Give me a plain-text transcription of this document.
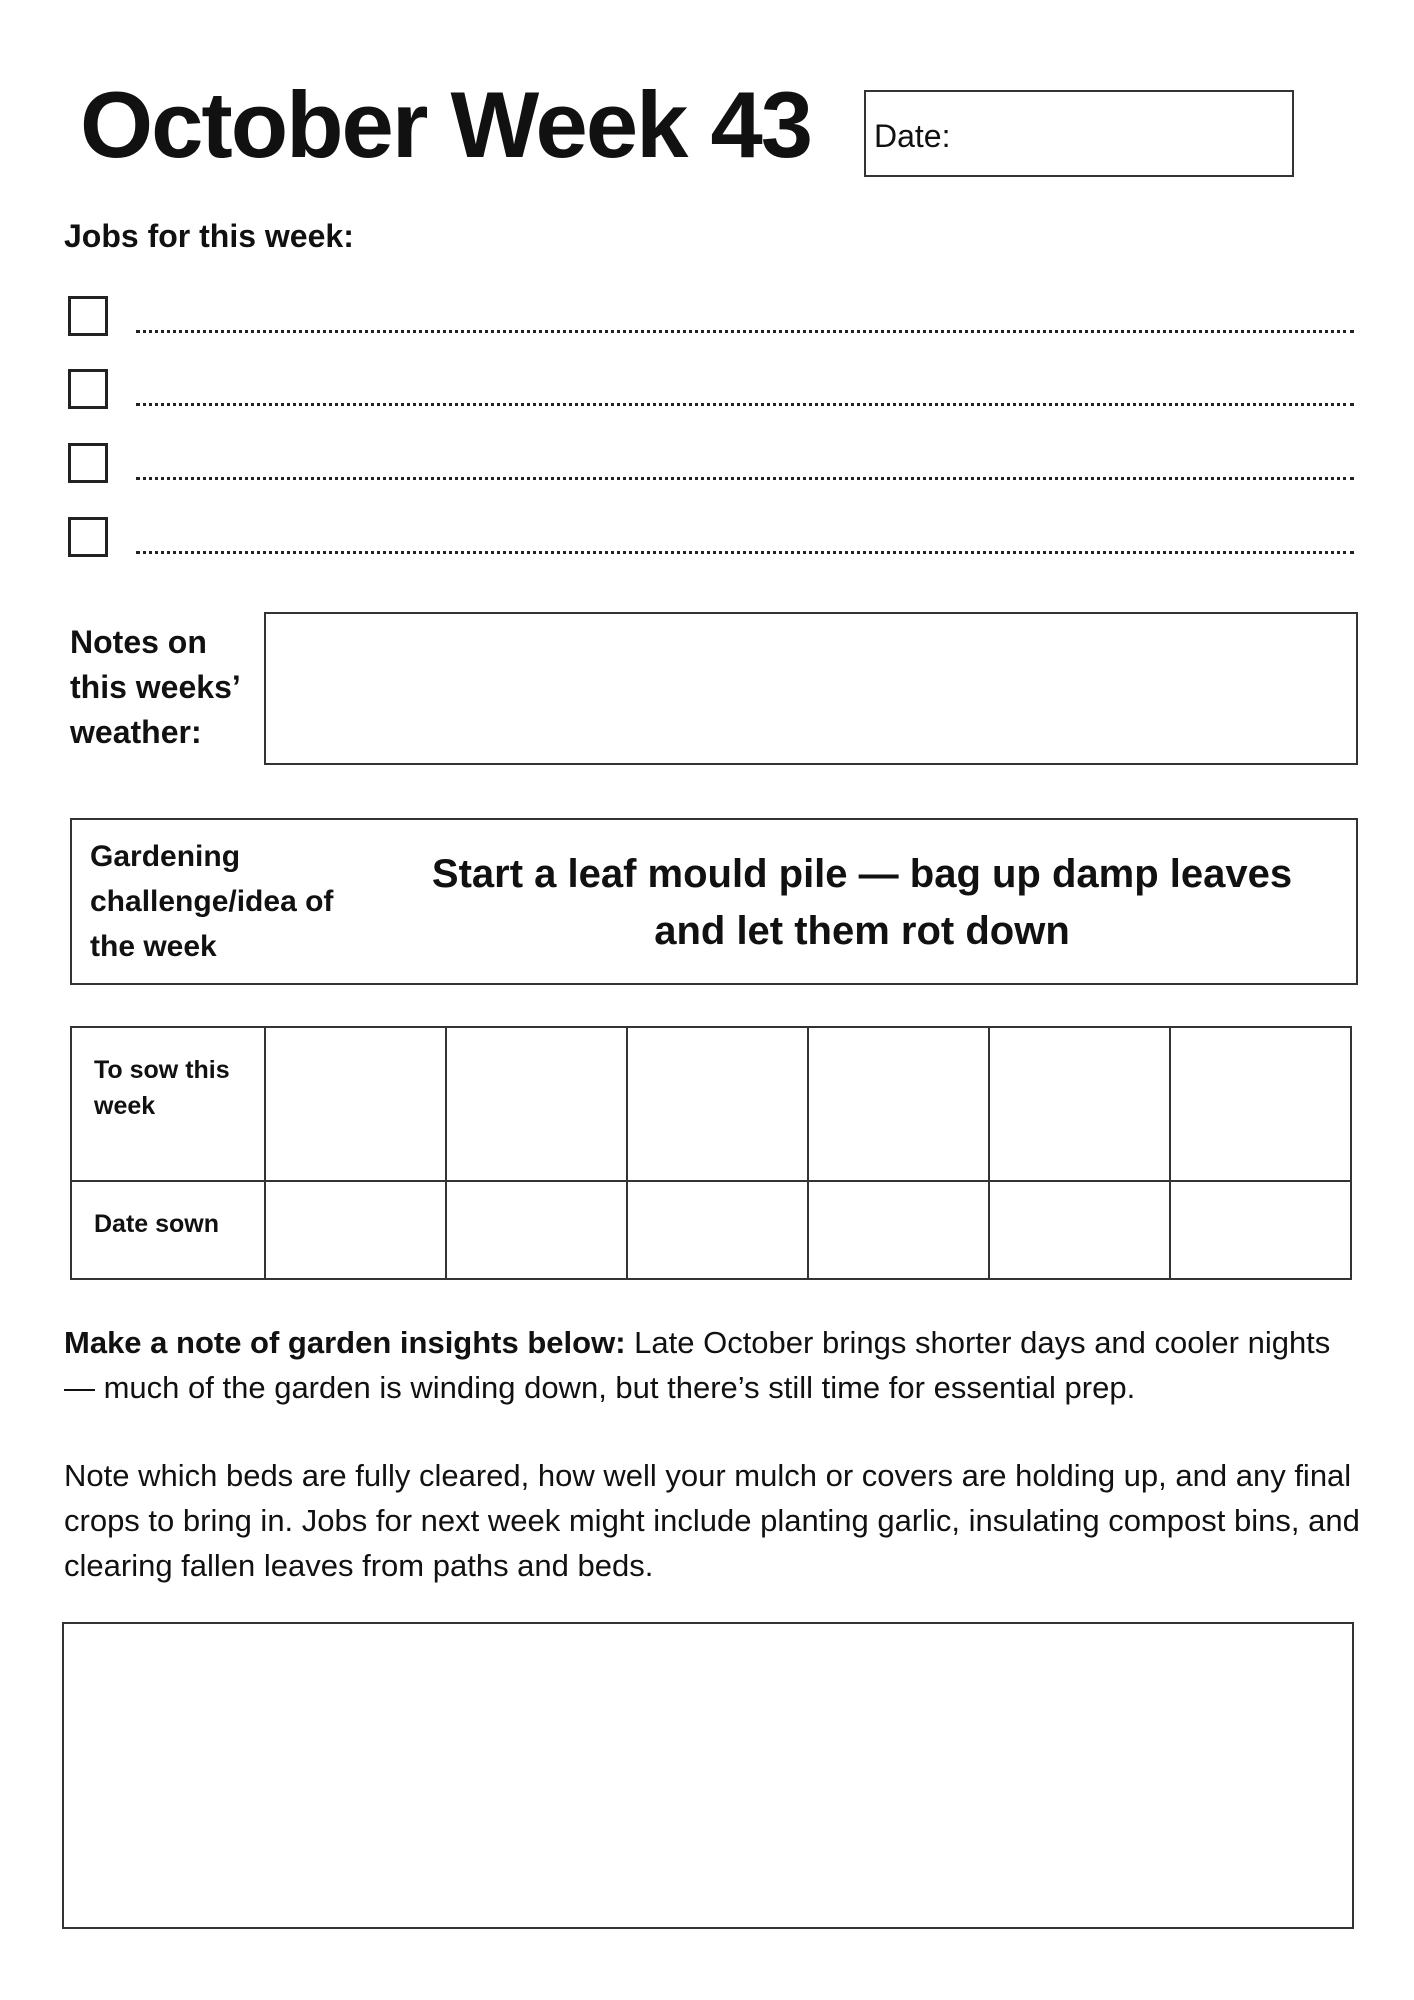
October Week 43	Date:
Jobs for this week:
Notes on this weeks’ weather:
Gardening challenge/idea of the week
Start a leaf mould pile — bag up damp leaves and let them rot down
To sow this week						
Date sown						
Make a note of garden insights below: Late October brings shorter days and cooler nights — much of the garden is winding down, but there’s still time for essential prep.
Note which beds are fully cleared, how well your mulch or covers are holding up, and any final crops to bring in. Jobs for next week might include planting garlic, insulating compost bins, and clearing fallen leaves from paths and beds.
